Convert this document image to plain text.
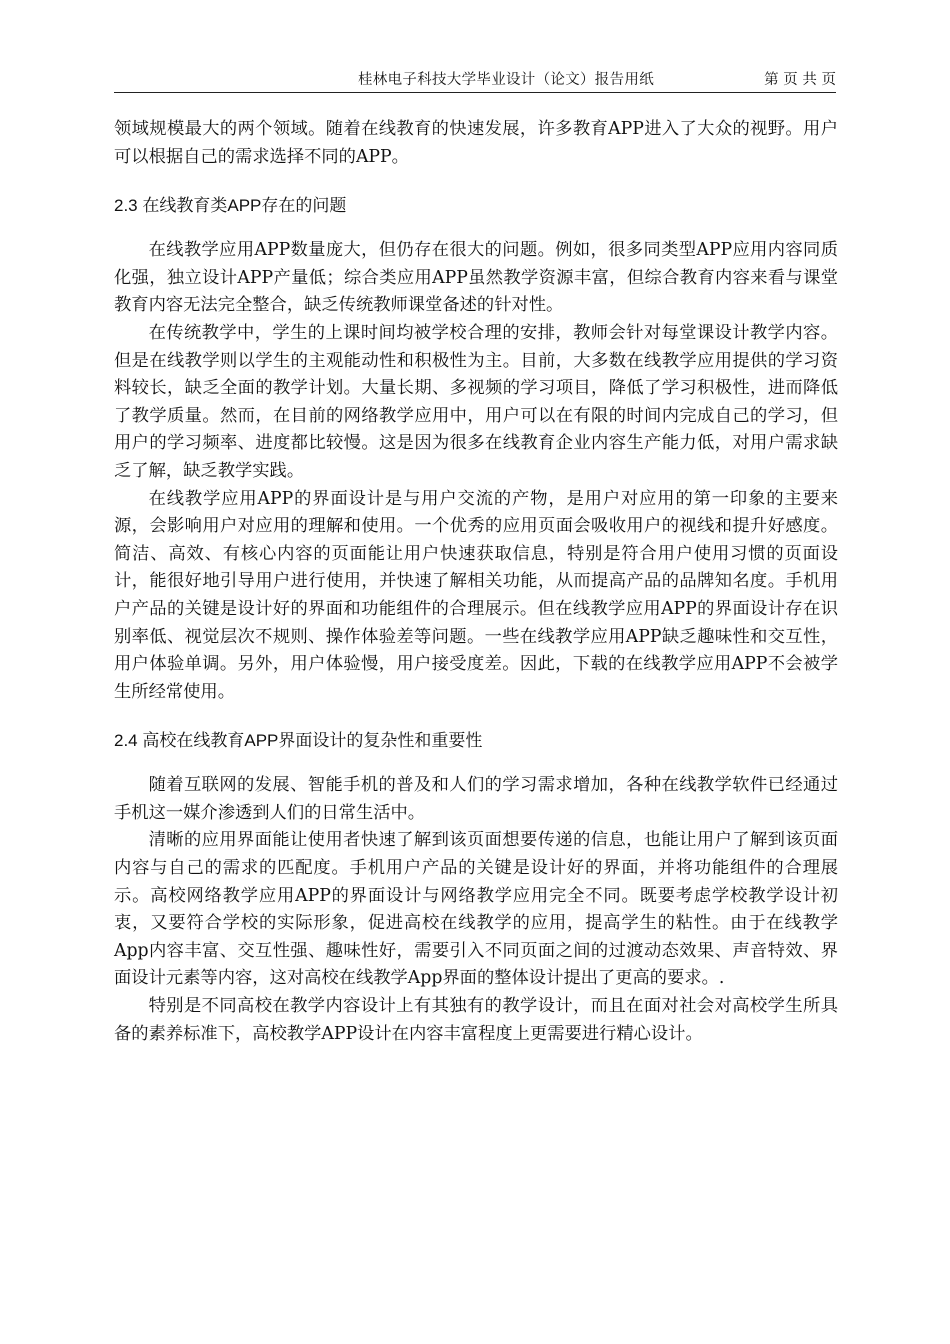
桂林电子科技大学毕业设计（论文）报告用纸	第 页 共 页

领域规模最大的两个领域。随着在线教育的快速发展，许多教育APP进入了大众的视野。用户可以根据自己的需求选择不同的APP。

2.3 在线教育类APP存在的问题

在线教学应用APP数量庞大，但仍存在很大的问题。例如，很多同类型APP应用内容同质化强，独立设计APP产量低；综合类应用APP虽然教学资源丰富，但综合教育内容来看与课堂教育内容无法完全整合，缺乏传统教师课堂备述的针对性。

在传统教学中，学生的上课时间均被学校合理的安排，教师会针对每堂课设计教学内容。但是在线教学则以学生的主观能动性和积极性为主。目前，大多数在线教学应用提供的学习资料较长，缺乏全面的教学计划。大量长期、多视频的学习项目，降低了学习积极性，进而降低了教学质量。然而，在目前的网络教学应用中，用户可以在有限的时间内完成自己的学习，但用户的学习频率、进度都比较慢。这是因为很多在线教育企业内容生产能力低，对用户需求缺乏了解，缺乏教学实践。

在线教学应用APP的界面设计是与用户交流的产物，是用户对应用的第一印象的主要来源，会影响用户对应用的理解和使用。一个优秀的应用页面会吸收用户的视线和提升好感度。简洁、高效、有核心内容的页面能让用户快速获取信息，特别是符合用户使用习惯的页面设计，能很好地引导用户进行使用，并快速了解相关功能，从而提高产品的品牌知名度。手机用户产品的关键是设计好的界面和功能组件的合理展示。但在线教学应用APP的界面设计存在识别率低、视觉层次不规则、操作体验差等问题。一些在线教学应用APP缺乏趣味性和交互性，用户体验单调。另外，用户体验慢，用户接受度差。因此，下载的在线教学应用APP不会被学生所经常使用。

2.4 高校在线教育APP界面设计的复杂性和重要性

随着互联网的发展、智能手机的普及和人们的学习需求增加，各种在线教学软件已经通过手机这一媒介渗透到人们的日常生活中。

清晰的应用界面能让使用者快速了解到该页面想要传递的信息，也能让用户了解到该页面内容与自己的需求的匹配度。手机用户产品的关键是设计好的界面，并将功能组件的合理展示。高校网络教学应用APP的界面设计与网络教学应用完全不同。既要考虑学校教学设计初衷，又要符合学校的实际形象，促进高校在线教学的应用，提高学生的粘性。由于在线教学App内容丰富、交互性强、趣味性好，需要引入不同页面之间的过渡动态效果、声音特效、界面设计元素等内容，这对高校在线教学App界面的整体设计提出了更高的要求。.

特别是不同高校在教学内容设计上有其独有的教学设计，而且在面对社会对高校学生所具备的素养标准下，高校教学APP设计在内容丰富程度上更需要进行精心设计。
